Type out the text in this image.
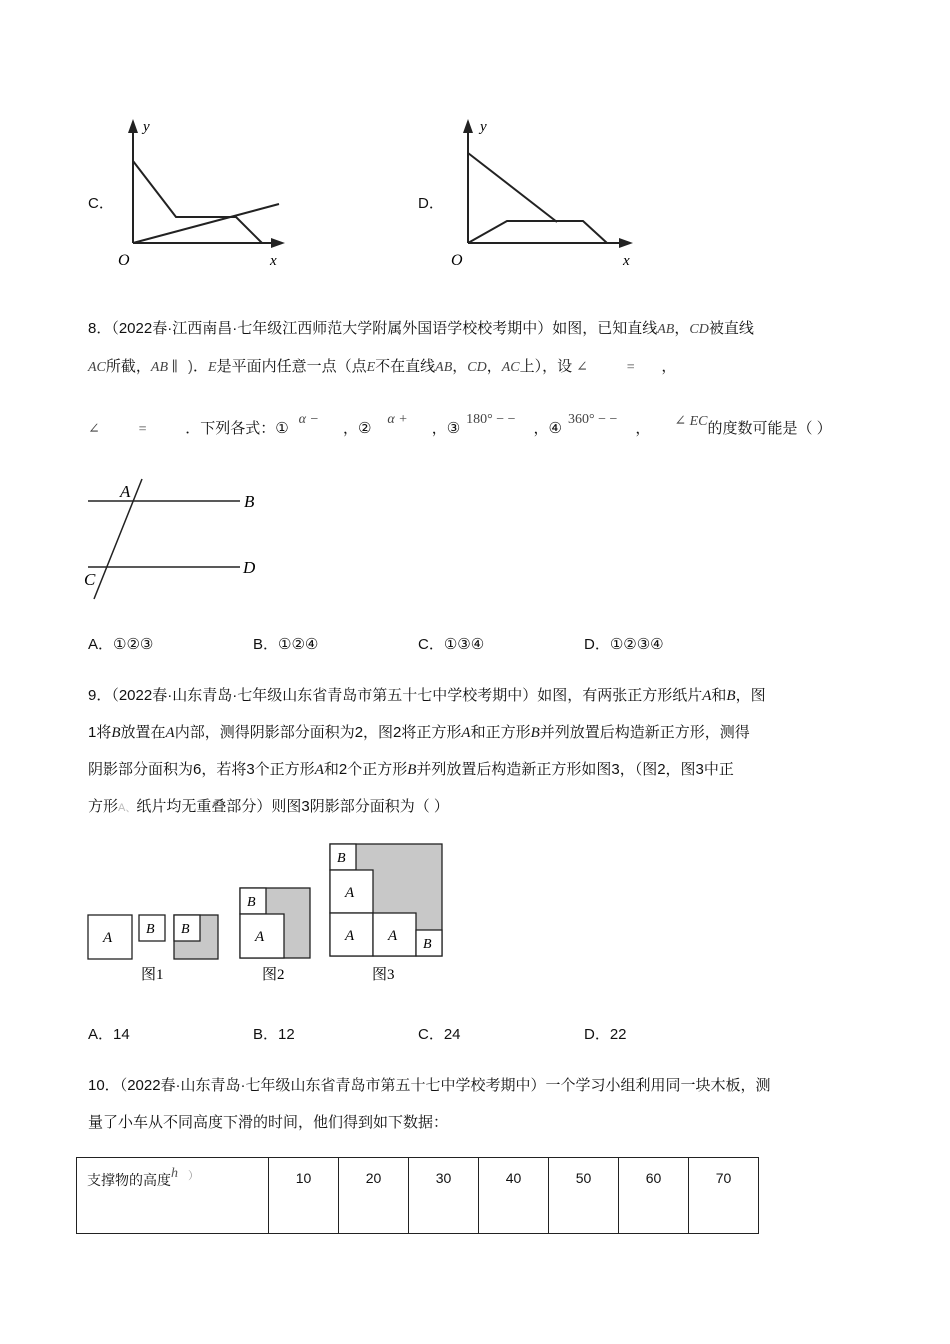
C．
y
x
O
D．
y
x
O
8．（2022春·江西南昌·七年级江西师范大学附属外国语学校校考期中）如图，已知直线AB，CD被直线
AC所截，AB ∥ )．E是平面内任意一点（点E不在直线AB，CD，AC上），设 ∠	= ，
∠	=	．下列各式：①α −，②α +，③180° − −，④360° − −， ∠ EC的度数可能是（ ）
A
B
C
D
A．①②③	B．①②④	C．①③④	D．①②③④
9．（2022春·山东青岛·七年级山东省青岛市第五十七中学校考期中）如图，有两张正方形纸片A和B，图
1将B放置在A内部，测得阴影部分面积为2，图2将正方形A和正方形B并列放置后构造新正方形，测得
阴影部分面积为6，若将3个正方形A和2个正方形B并列放置后构造新正方形如图3，（图2，图3中正
方形A、纸片均无重叠部分）则图3阴影部分面积为（ ）
A
B B
图1
B
A
图2
B
A
A A
B
图3
A．14	B．12	C．24	D．22
10．（2022春·山东青岛·七年级山东省青岛市第五十七中学校考期中）一个学习小组利用同一块木板，测
量了小车从不同高度下滑的时间，他们得到如下数据：
支撑物的高度h ）	10	20	30	40	50	60	70
